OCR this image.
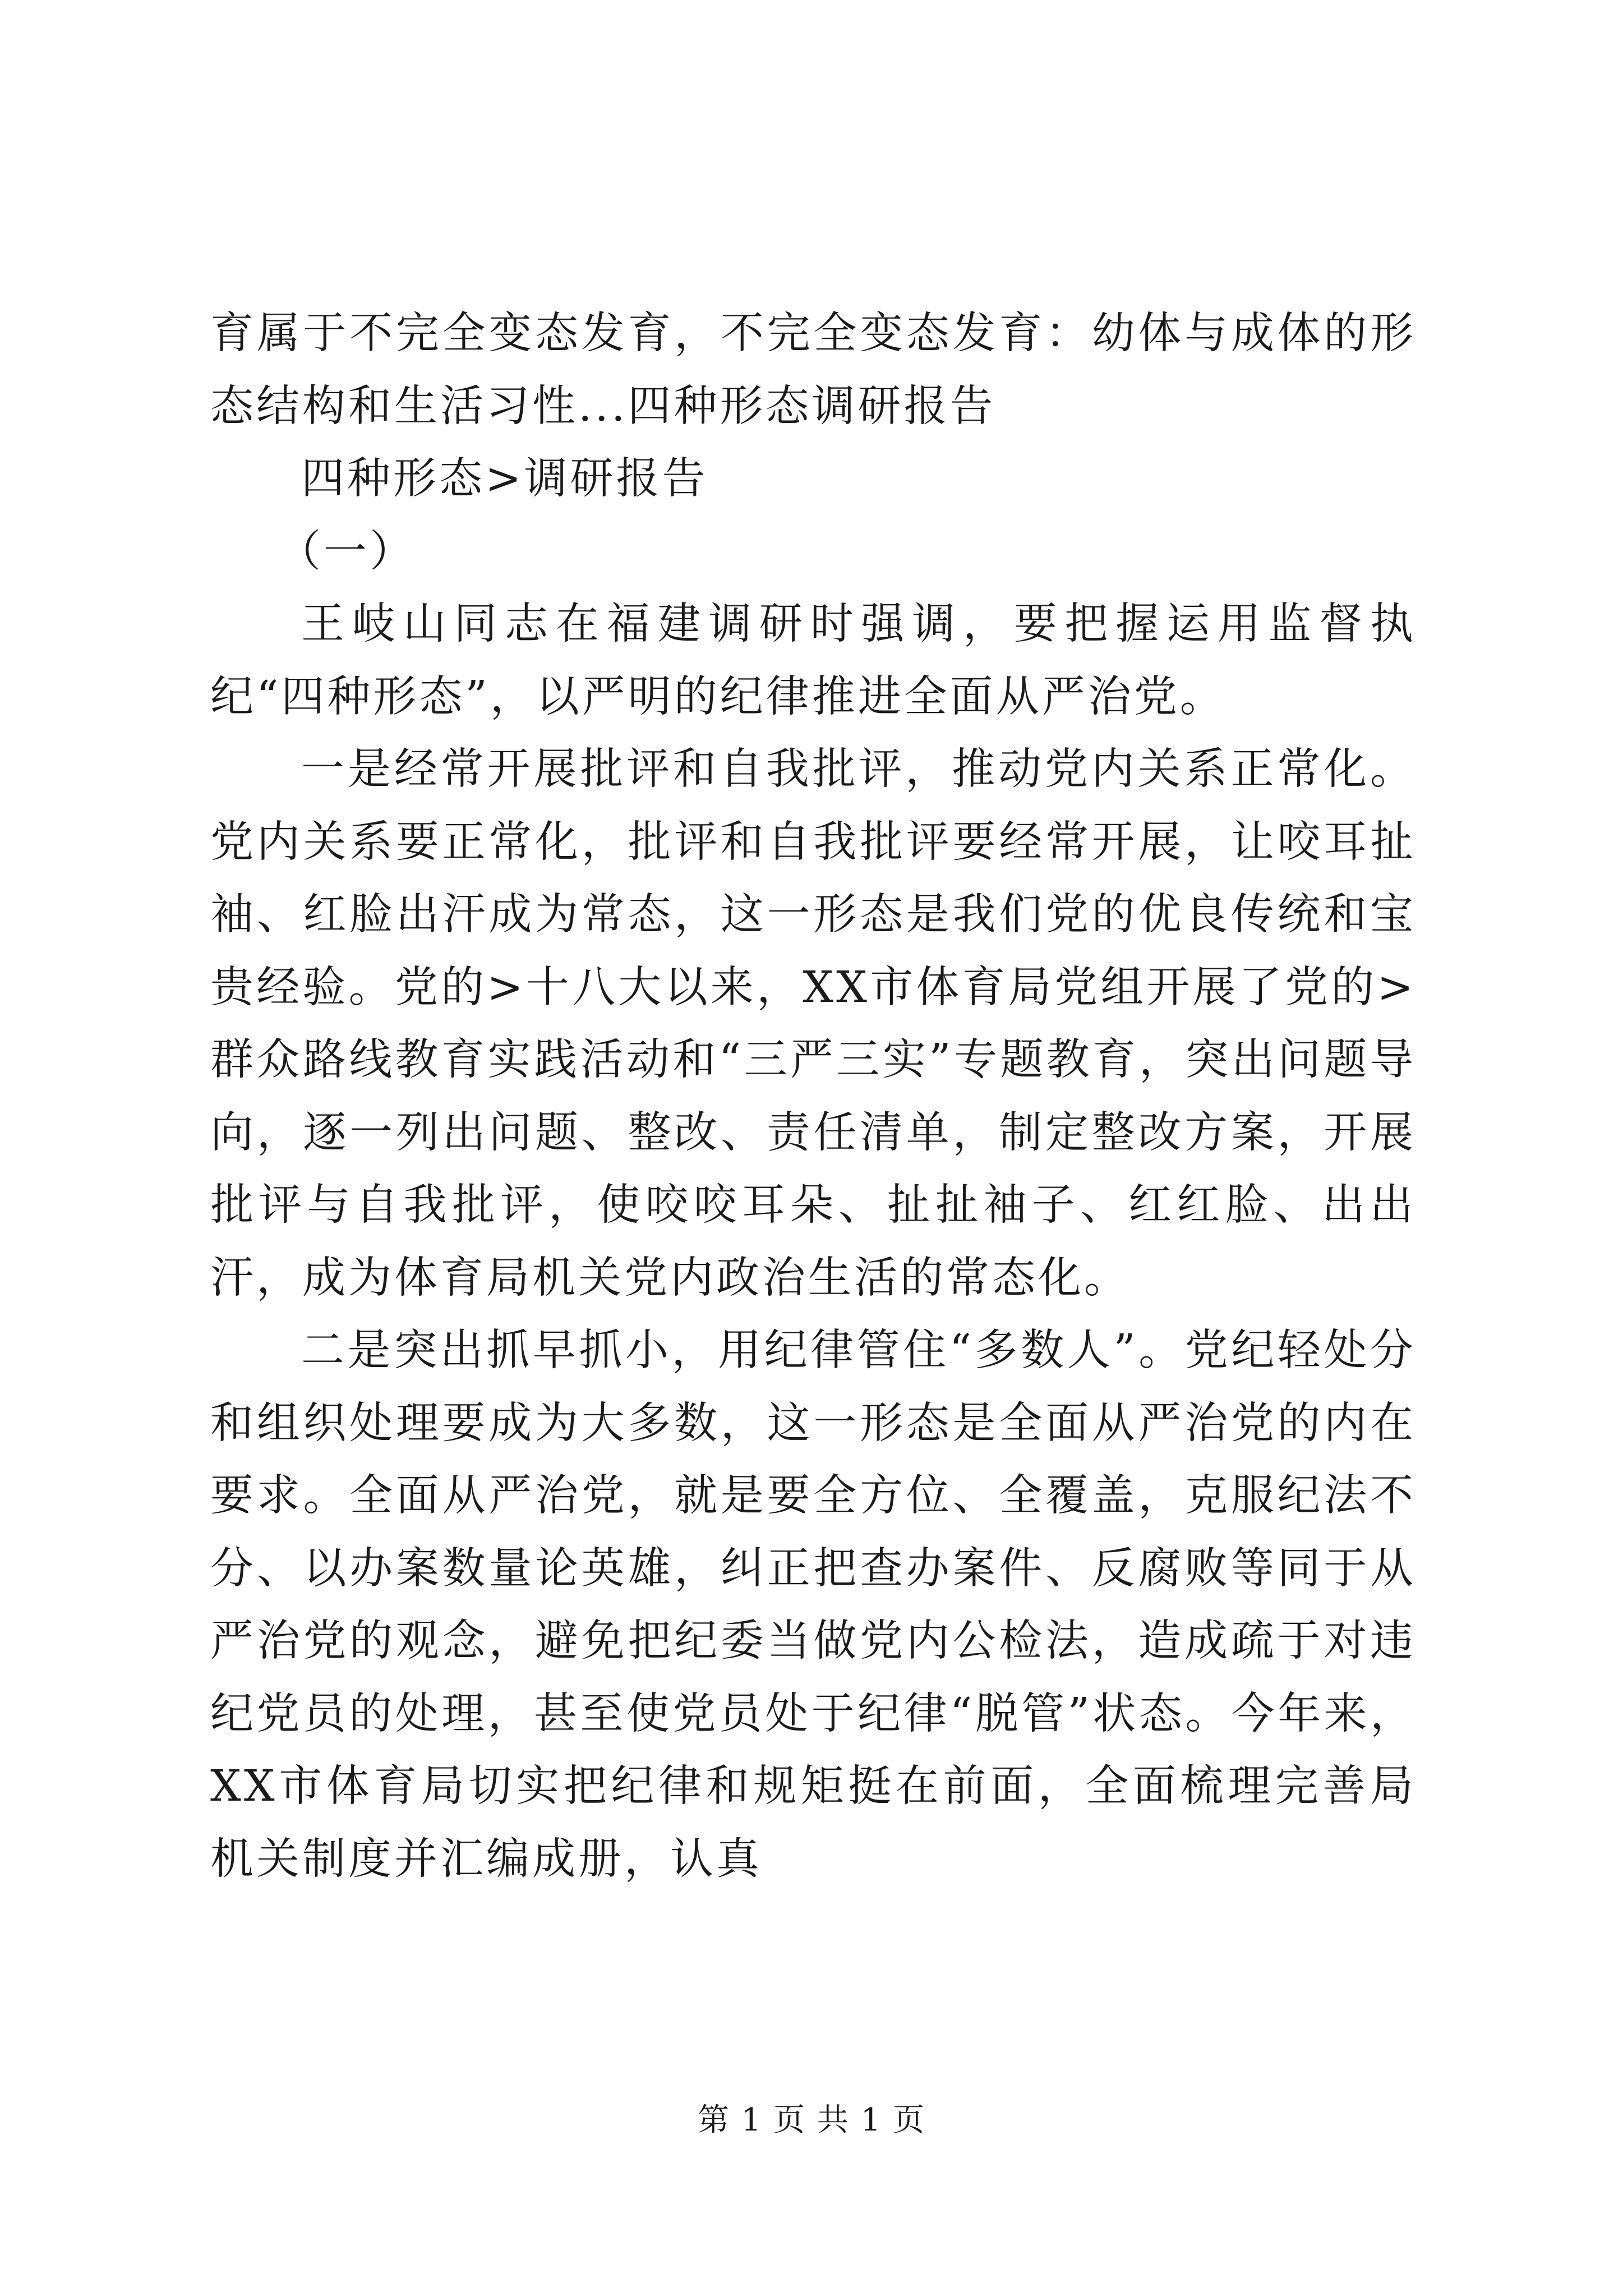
育属于不完全变态发育，不完全变态发育：幼体与成体的形态结构和生活习性...四种形态调研报告

四种形态>调研报告

（一）

王岐山同志在福建调研时强调，要把握运用监督执纪“四种形态”，以严明的纪律推进全面从严治党。

一是经常开展批评和自我批评，推动党内关系正常化。党内关系要正常化，批评和自我批评要经常开展，让咬耳扯袖、红脸出汗成为常态，这一形态是我们党的优良传统和宝贵经验。党的>十八大以来，XX市体育局党组开展了党的>群众路线教育实践活动和“三严三实”专题教育，突出问题导向，逐一列出问题、整改、责任清单，制定整改方案，开展批评与自我批评，使咬咬耳朵、扯扯袖子、红红脸、出出汗，成为体育局机关党内政治生活的常态化。

二是突出抓早抓小，用纪律管住“多数人”。党纪轻处分和组织处理要成为大多数，这一形态是全面从严治党的内在要求。全面从严治党，就是要全方位、全覆盖，克服纪法不分、以办案数量论英雄，纠正把查办案件、反腐败等同于从严治党的观念，避免把纪委当做党内公检法，造成疏于对违纪党员的处理，甚至使党员处于纪律“脱管”状态。今年来，XX市体育局切实把纪律和规矩挺在前面，全面梳理完善局机关制度并汇编成册，认真

第 1 页 共 1 页
